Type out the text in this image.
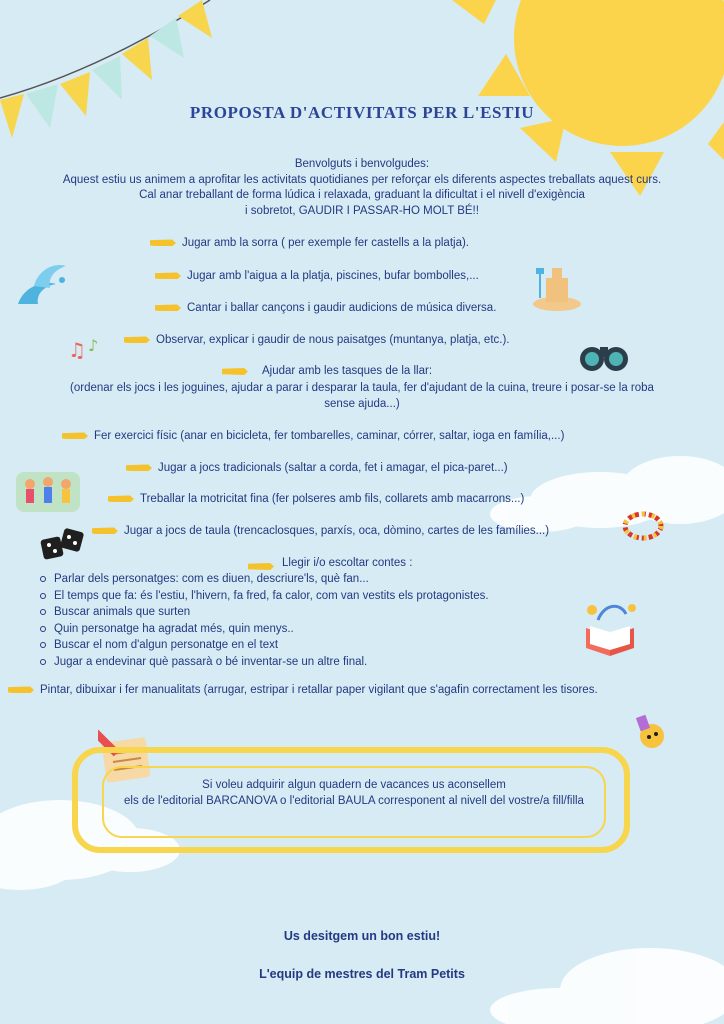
♫ ♪
PROPOSTA D'ACTIVITATS PER L'ESTIU
Benvolguts i benvolgudes:
Aquest estiu us animem a aprofitar les activitats quotidianes per reforçar els diferents aspectes treballats aquest curs.
Cal anar treballant de forma lúdica i relaxada, graduant la dificultat i el nivell d'exigència
i sobretot, GAUDIR I PASSAR-HO MOLT BÉ!!
Jugar amb la sorra ( per exemple fer castells a la platja).
Jugar amb l'aigua a la platja, piscines, bufar bombolles,...
Cantar i ballar cançons i gaudir audicions de música diversa.
Observar, explicar i gaudir de nous paisatges (muntanya, platja, etc.).
Ajudar amb les tasques de la llar:
(ordenar els jocs i les joguines, ajudar a parar i desparar la taula, fer d'ajudant de la cuina, treure i posar-se la roba
sense ajuda...)
Fer exercici físic (anar en bicicleta, fer tombarelles, caminar, córrer, saltar, ioga en família,...)
Jugar a jocs tradicionals (saltar a corda, fet i amagar, el pica-paret...)
Treballar la motricitat fina (fer polseres amb fils, collarets amb macarrons...)
Jugar a jocs de taula (trencaclosques, parxís, oca, dòmino, cartes de les famílies...)
Llegir i/o escoltar contes :
Parlar dels personatges: com es diuen, descriure'ls, què fan...
El temps que fa: és l'estiu, l'hivern, fa fred, fa calor, com van vestits els protagonistes.
Buscar animals que surten
Quin personatge ha agradat més, quin menys..
Buscar el nom d'algun personatge en el text
Jugar a endevinar què passarà o bé inventar-se un altre final.
Pintar, dibuixar i fer manualitats (arrugar, estripar i retallar paper vigilant que s'agafin correctament les tisores.
Si voleu adquirir algun quadern de vacances us aconsellem
els de l'editorial BARCANOVA o l'editorial BAULA corresponent al nivell del vostre/a fill/filla
Us desitgem un bon estiu!
L'equip de mestres del Tram Petits
